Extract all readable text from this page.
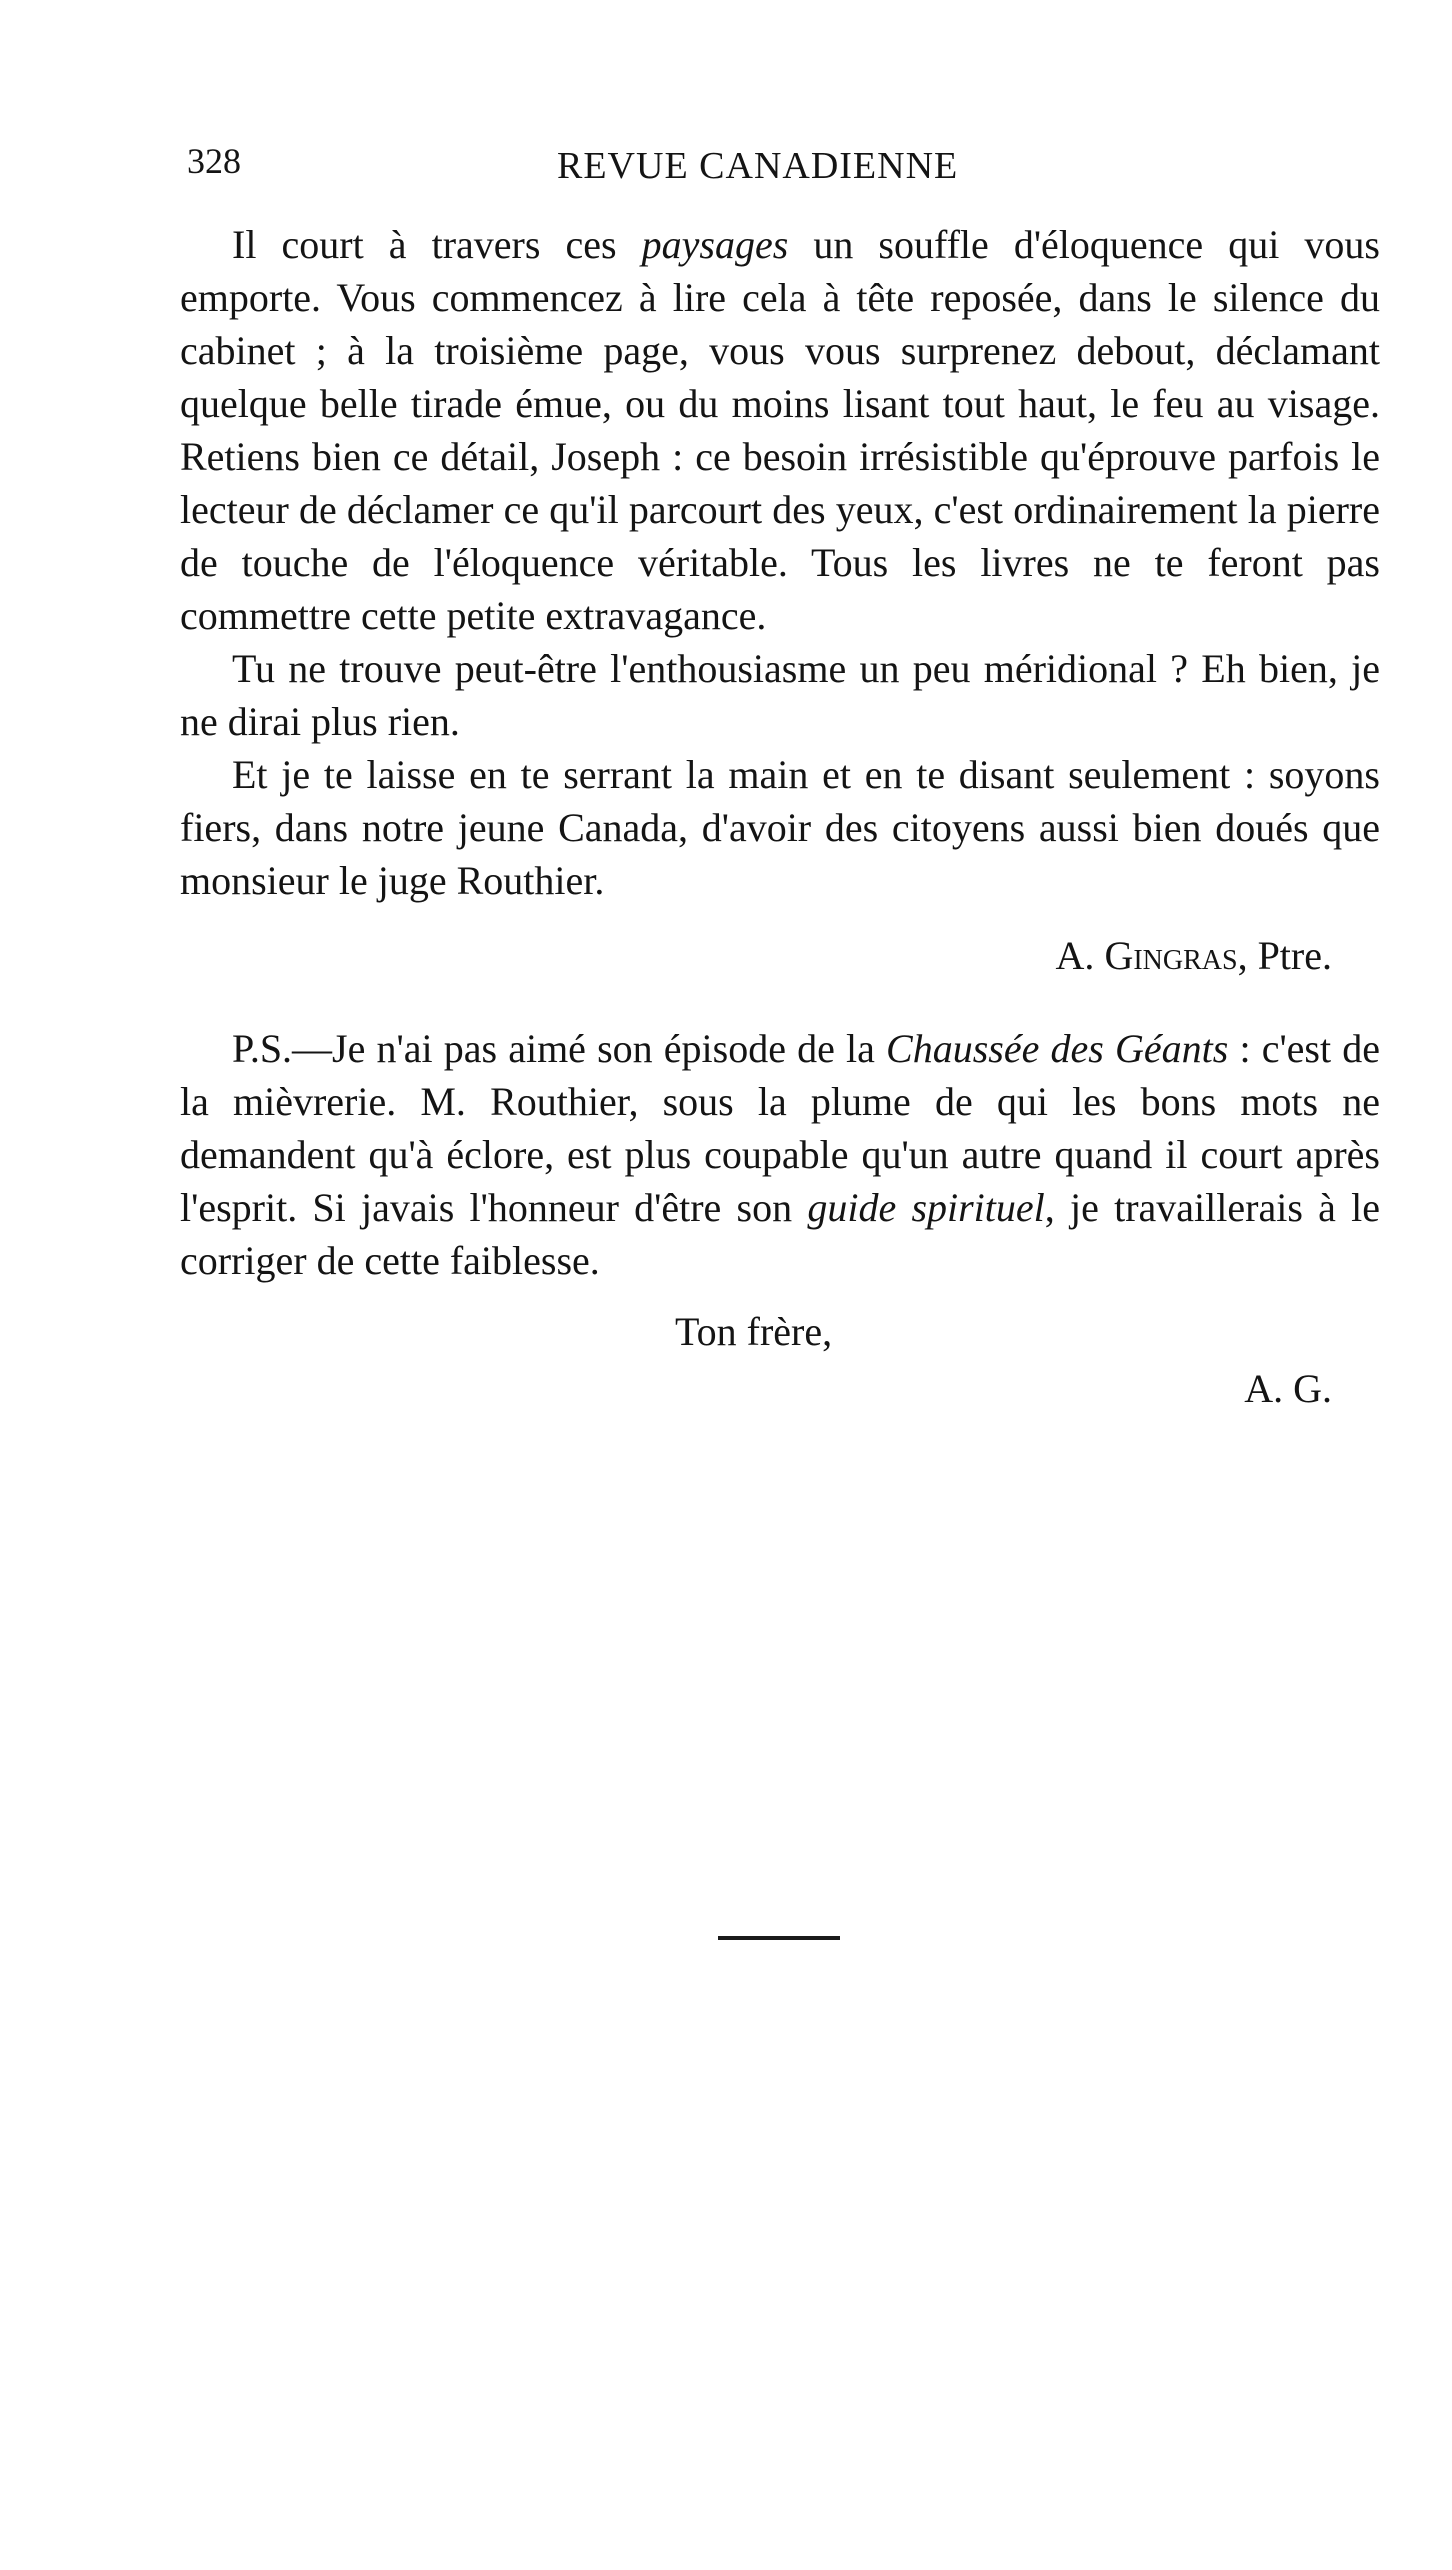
328	REVUE CANADIENNE

Il court à travers ces paysages un souffle d'éloquence qui vous emporte. Vous commencez à lire cela à tête reposée, dans le silence du cabinet ; à la troisième page, vous vous surprenez debout, déclamant quelque belle tirade émue, ou du moins lisant tout haut, le feu au visage. Retiens bien ce détail, Joseph : ce besoin irrésistible qu'éprouve parfois le lecteur de déclamer ce qu'il parcourt des yeux, c'est ordinairement la pierre de touche de l'éloquence véritable. Tous les livres ne te feront pas commettre cette petite extravagance.

Tu ne trouve peut-être l'enthousiasme un peu méridional ? Eh bien, je ne dirai plus rien.

Et je te laisse en te serrant la main et en te disant seulement : soyons fiers, dans notre jeune Canada, d'avoir des citoyens aussi bien doués que monsieur le juge Routhier.

A. Gingras, Ptre.

P.S.—Je n'ai pas aimé son épisode de la Chaussée des Géants : c'est de la mièvrerie. M. Routhier, sous la plume de qui les bons mots ne demandent qu'à éclore, est plus coupable qu'un autre quand il court après l'esprit. Si javais l'honneur d'être son guide spirituel, je travaillerais à le corriger de cette faiblesse.

Ton frère,

A. G.
